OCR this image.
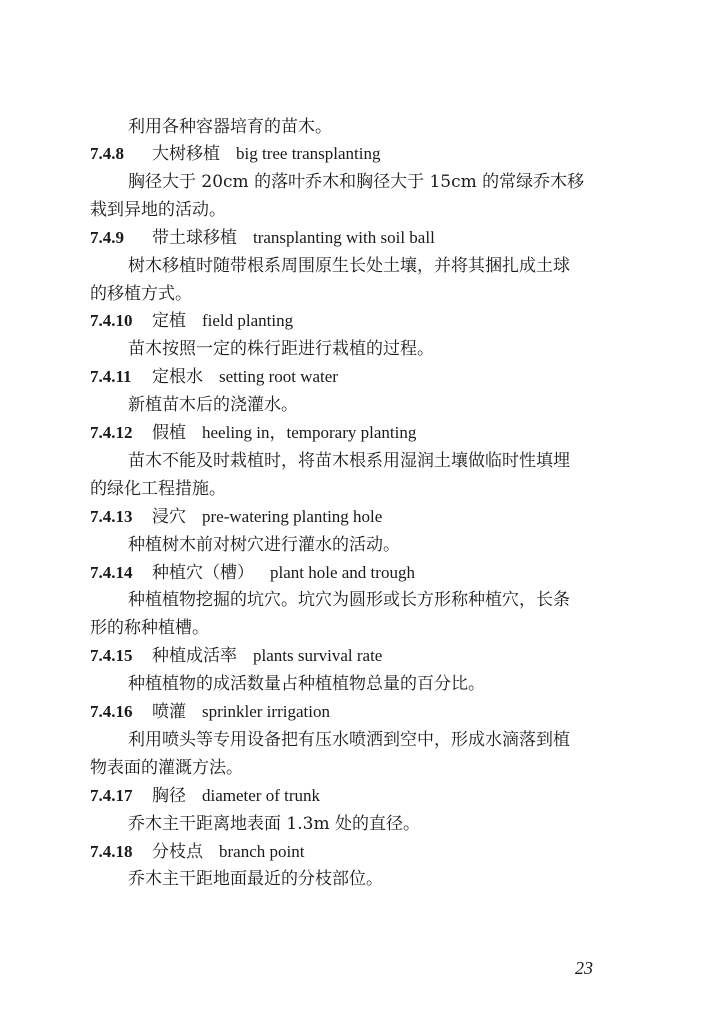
利用各种容器培育的苗木。
7.4.8 大树移植 big tree transplanting
胸径大于 20cm 的落叶乔木和胸径大于 15cm 的常绿乔木移
栽到异地的活动。
7.4.9 带土球移植 transplanting with soil ball
树木移植时随带根系周围原生长处土壤，并将其捆扎成土球
的移植方式。
7.4.10 定植 field planting
苗木按照一定的株行距进行栽植的过程。
7.4.11 定根水 setting root water
新植苗木后的浇灌水。
7.4.12 假植 heeling in，temporary planting
苗木不能及时栽植时，将苗木根系用湿润土壤做临时性填埋
的绿化工程措施。
7.4.13 浸穴 pre-watering planting hole
种植树木前对树穴进行灌水的活动。
7.4.14 种植穴（槽） plant hole and trough
种植植物挖掘的坑穴。坑穴为圆形或长方形称种植穴，长条
形的称种植槽。
7.4.15 种植成活率 plants survival rate
种植植物的成活数量占种植植物总量的百分比。
7.4.16 喷灌 sprinkler irrigation
利用喷头等专用设备把有压水喷洒到空中，形成水滴落到植
物表面的灌溉方法。
7.4.17 胸径 diameter of trunk
乔木主干距离地表面 1.3m 处的直径。
7.4.18 分枝点 branch point
乔木主干距地面最近的分枝部位。
23
